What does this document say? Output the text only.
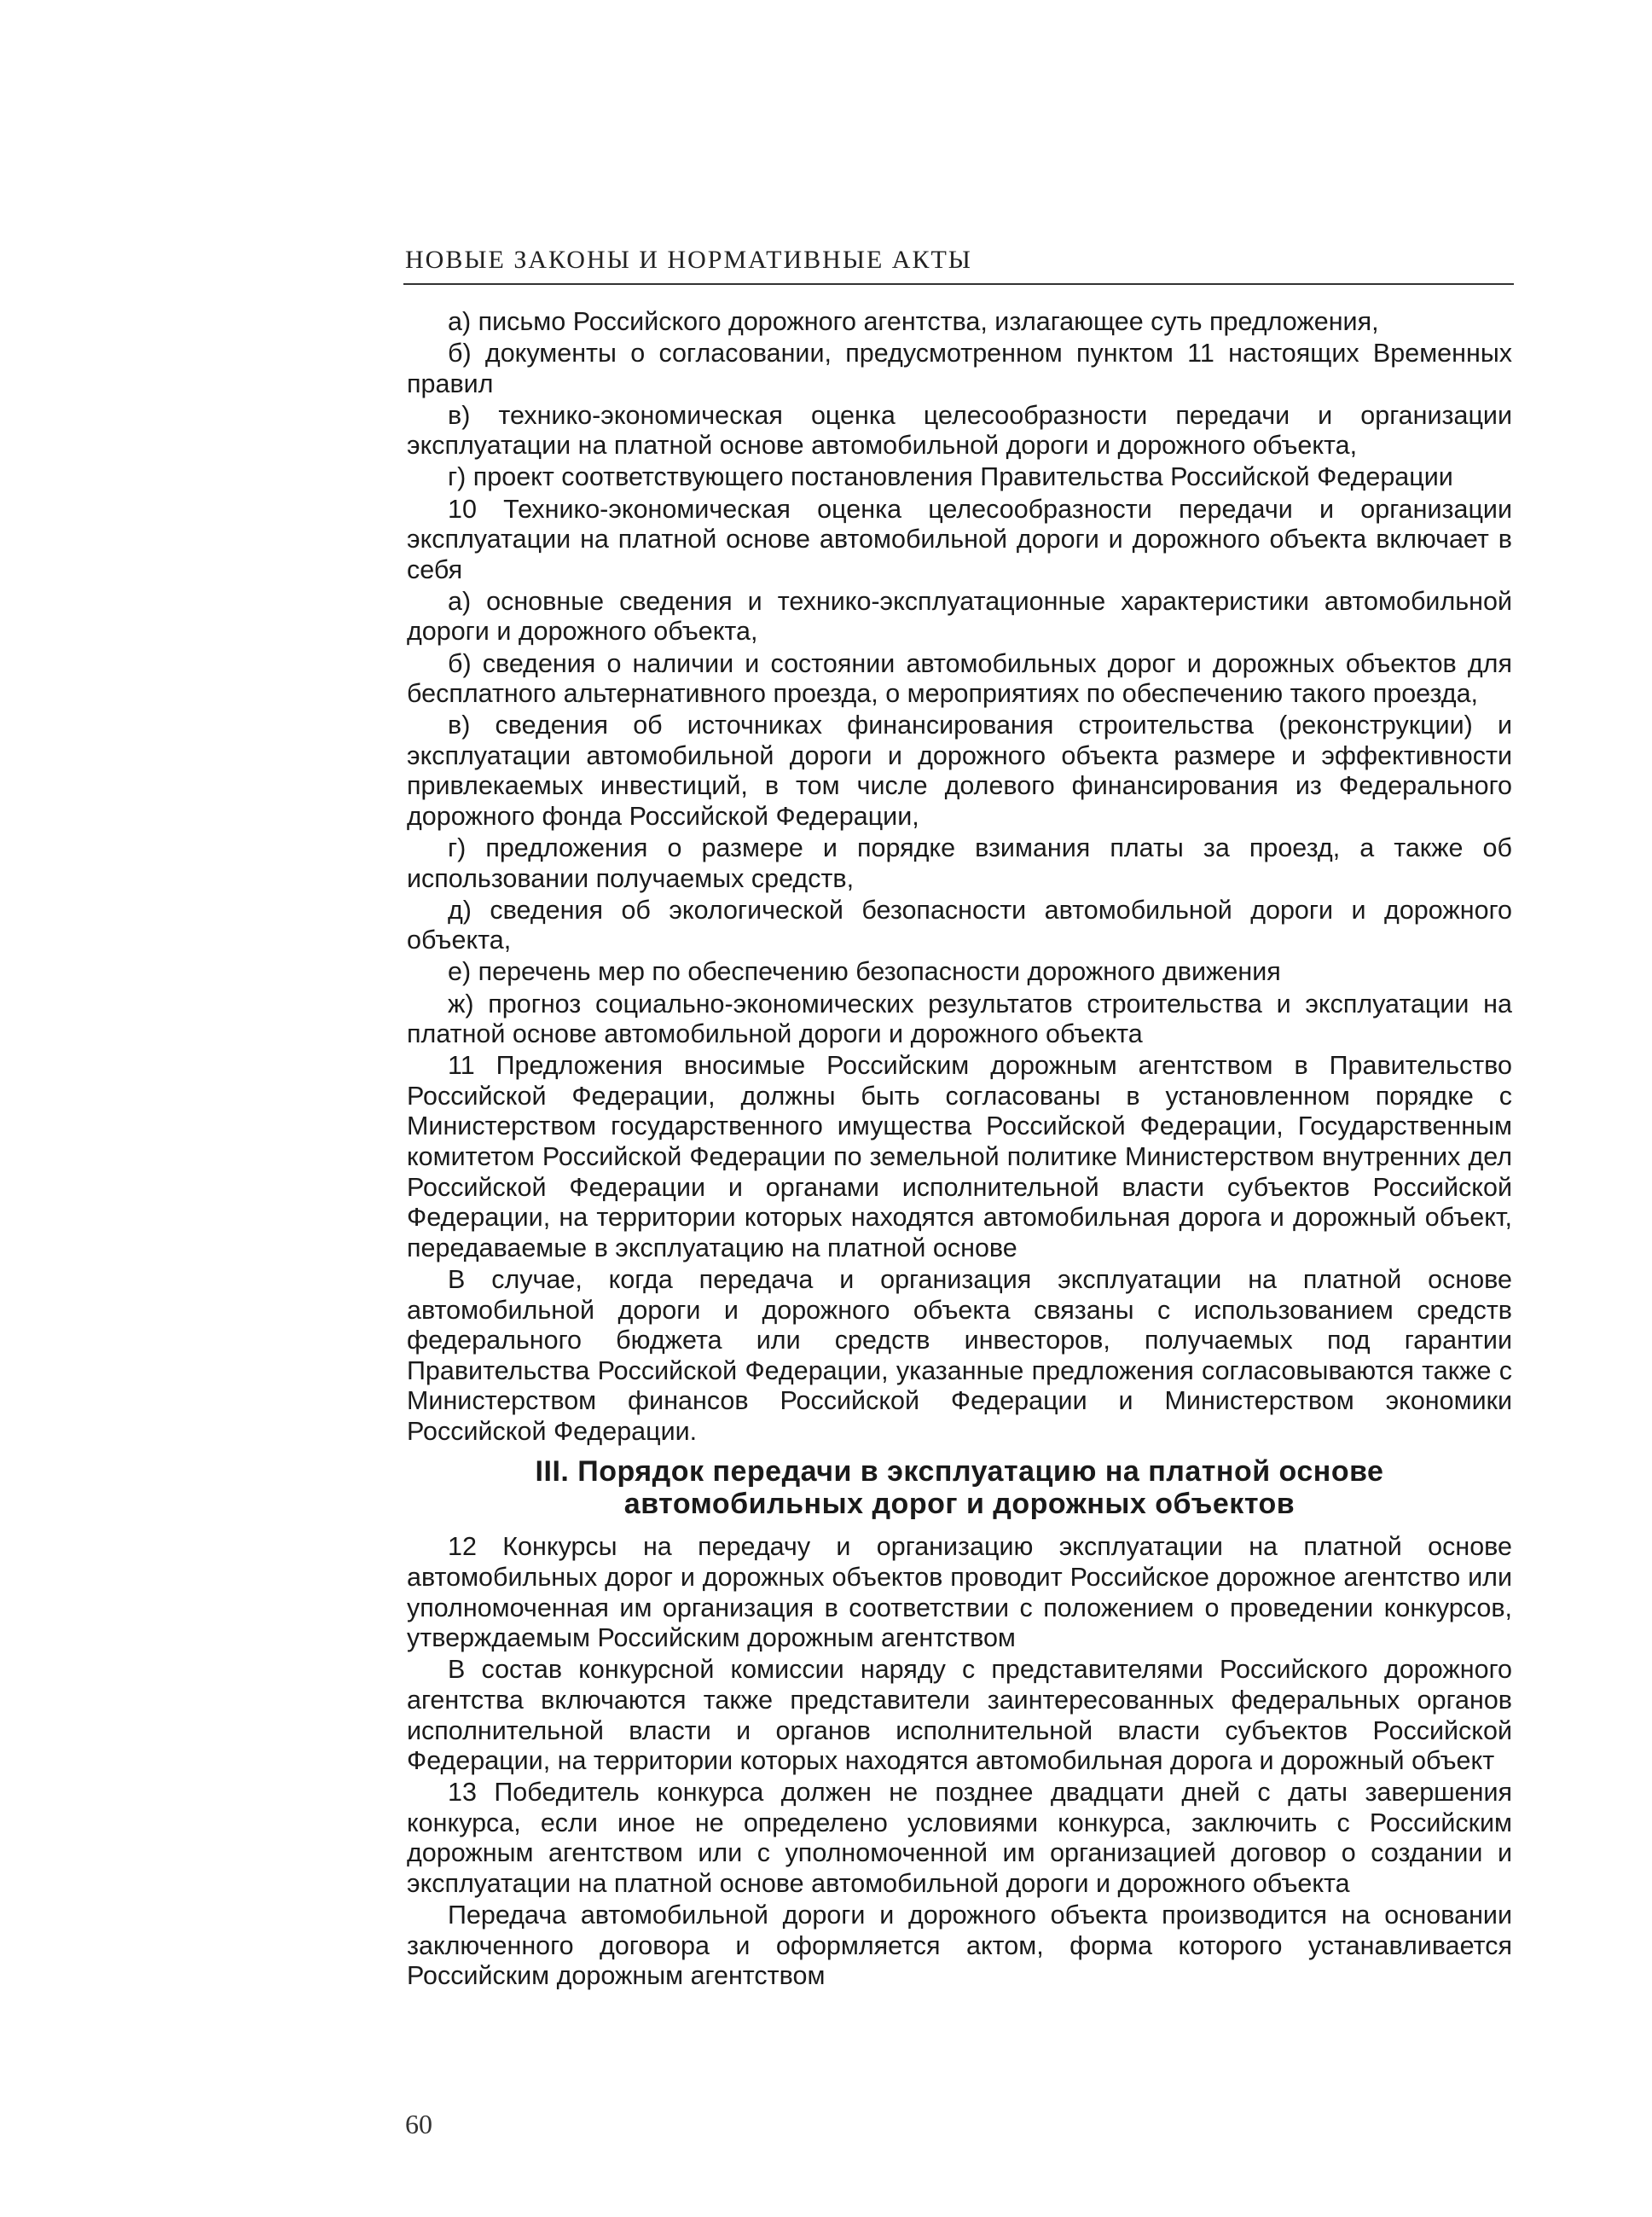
НОВЫЕ ЗАКОНЫ И НОРМАТИВНЫЕ АКТЫ

а) письмо Российского дорожного агентства, излагающее суть предложения,

б) документы о согласовании, предусмотренном пунктом 11 настоящих Временных правил

в) технико-экономическая оценка целесообразности передачи и организации эксплуатации на платной основе автомобильной дороги и дорожного объекта,

г) проект соответствующего постановления Правительства Российской Федерации

10 Технико-экономическая оценка целесообразности передачи и организации эксплуатации на платной основе автомобильной дороги и дорожного объекта включает в себя

а) основные сведения и технико-эксплуатационные характеристики автомобильной дороги и дорожного объекта,

б) сведения о наличии и состоянии автомобильных дорог и дорожных объектов для бесплатного альтернативного проезда, о мероприятиях по обеспечению такого проезда,

в) сведения об источниках финансирования строительства (реконструкции) и эксплуатации автомобильной дороги и дорожного объекта размере и эффективности привлекаемых инвестиций, в том числе долевого финансирования из Федерального дорожного фонда Российской Федерации,

г) предложения о размере и порядке взимания платы за проезд, а также об использовании получаемых средств,

д) сведения об экологической безопасности автомобильной дороги и дорожного объекта,

е) перечень мер по обеспечению безопасности дорожного движения

ж) прогноз социально-экономических результатов строительства и эксплуатации на платной основе автомобильной дороги и дорожного объекта

11 Предложения вносимые Российским дорожным агентством в Правительство Российской Федерации, должны быть согласованы в установленном порядке с Министерством государственного имущества Российской Федерации, Государственным комитетом Российской Федерации по земельной политике Министерством внутренних дел Российской Федерации и органами исполнительной власти субъектов Российской Федерации, на территории которых находятся автомобильная дорога и дорожный объект, передаваемые в эксплуатацию на платной основе

В случае, когда передача и организация эксплуатации на платной основе автомобильной дороги и дорожного объекта связаны с использованием средств федерального бюджета или средств инвесторов, получаемых под гарантии Правительства Российской Федерации, указанные предложения согласовываются также с Министерством финансов Российской Федерации и Министерством экономики Российской Федерации.

III. Порядок передачи в эксплуатацию на платной основе
автомобильных дорог и дорожных объектов

12 Конкурсы на передачу и организацию эксплуатации на платной основе автомобильных дорог и дорожных объектов проводит Российское дорожное агентство или уполномоченная им организация в соответствии с положением о проведении конкурсов, утверждаемым Российским дорожным агентством

В состав конкурсной комиссии наряду с представителями Российского дорожного агентства включаются также представители заинтересованных федеральных органов исполнительной власти и органов исполнительной власти субъектов Российской Федерации, на территории которых находятся автомобильная дорога и дорожный объект

13 Победитель конкурса должен не позднее двадцати дней с даты завершения конкурса, если иное не определено условиями конкурса, заключить с Российским дорожным агентством или с уполномоченной им организацией договор о создании и эксплуатации на платной основе автомобильной дороги и дорожного объекта

Передача автомобильной дороги и дорожного объекта производится на основании заключенного договора и оформляется актом, форма которого устанавливается Российским дорожным агентством

60
